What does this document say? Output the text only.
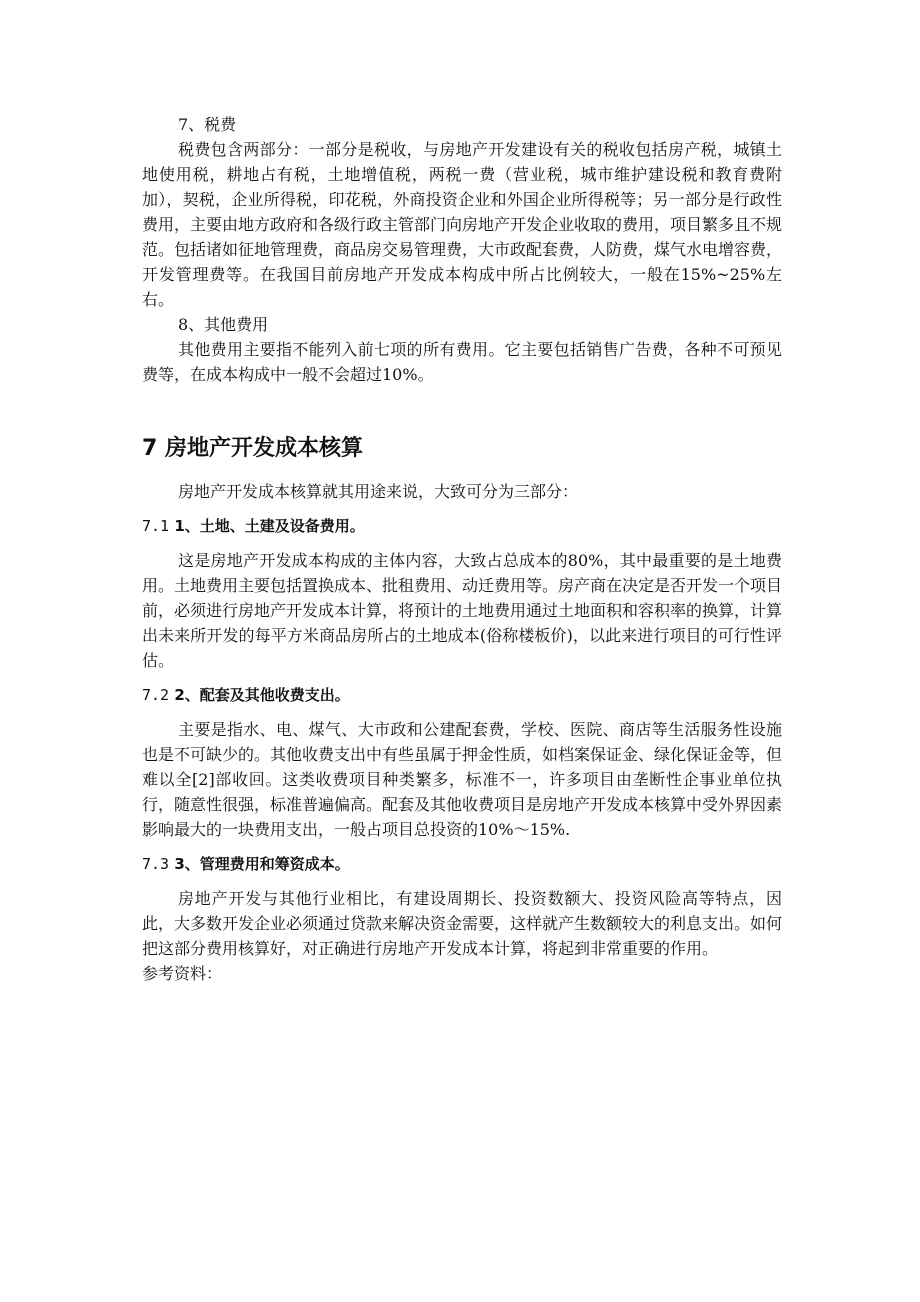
7、税费

税费包含两部分：一部分是税收，与房地产开发建设有关的税收包括房产税，城镇土地使用税，耕地占有税，土地增值税，两税一费（营业税，城市维护建设税和教育费附加），契税，企业所得税，印花税，外商投资企业和外国企业所得税等；另一部分是行政性费用，主要由地方政府和各级行政主管部门向房地产开发企业收取的费用，项目繁多且不规范。包括诸如征地管理费，商品房交易管理费，大市政配套费，人防费，煤气水电增容费，开发管理费等。在我国目前房地产开发成本构成中所占比例较大，一般在15%~25%左右。

8、其他费用

其他费用主要指不能列入前七项的所有费用。它主要包括销售广告费，各种不可预见费等，在成本构成中一般不会超过10%。

7 房地产开发成本核算

房地产开发成本核算就其用途来说，大致可分为三部分：

7.1 1、土地、土建及设备费用。

这是房地产开发成本构成的主体内容，大致占总成本的80%，其中最重要的是土地费用。土地费用主要包括置换成本、批租费用、动迁费用等。房产商在决定是否开发一个项目前，必须进行房地产开发成本计算，将预计的土地费用通过土地面积和容积率的换算，计算出未来所开发的每平方米商品房所占的土地成本(俗称楼板价)，以此来进行项目的可行性评估。

7.2 2、配套及其他收费支出。

主要是指水、电、煤气、大市政和公建配套费，学校、医院、商店等生活服务性设施也是不可缺少的。其他收费支出中有些虽属于押金性质，如档案保证金、绿化保证金等，但难以全[2]部收回。这类收费项目种类繁多，标准不一，许多项目由垄断性企事业单位执行，随意性很强，标准普遍偏高。配套及其他收费项目是房地产开发成本核算中受外界因素影响最大的一块费用支出，一般占项目总投资的10%～15%.

7.3 3、管理费用和筹资成本。

房地产开发与其他行业相比，有建设周期长、投资数额大、投资风险高等特点，因此，大多数开发企业必须通过贷款来解决资金需要，这样就产生数额较大的利息支出。如何把这部分费用核算好，对正确进行房地产开发成本计算，将起到非常重要的作用。

参考资料：
